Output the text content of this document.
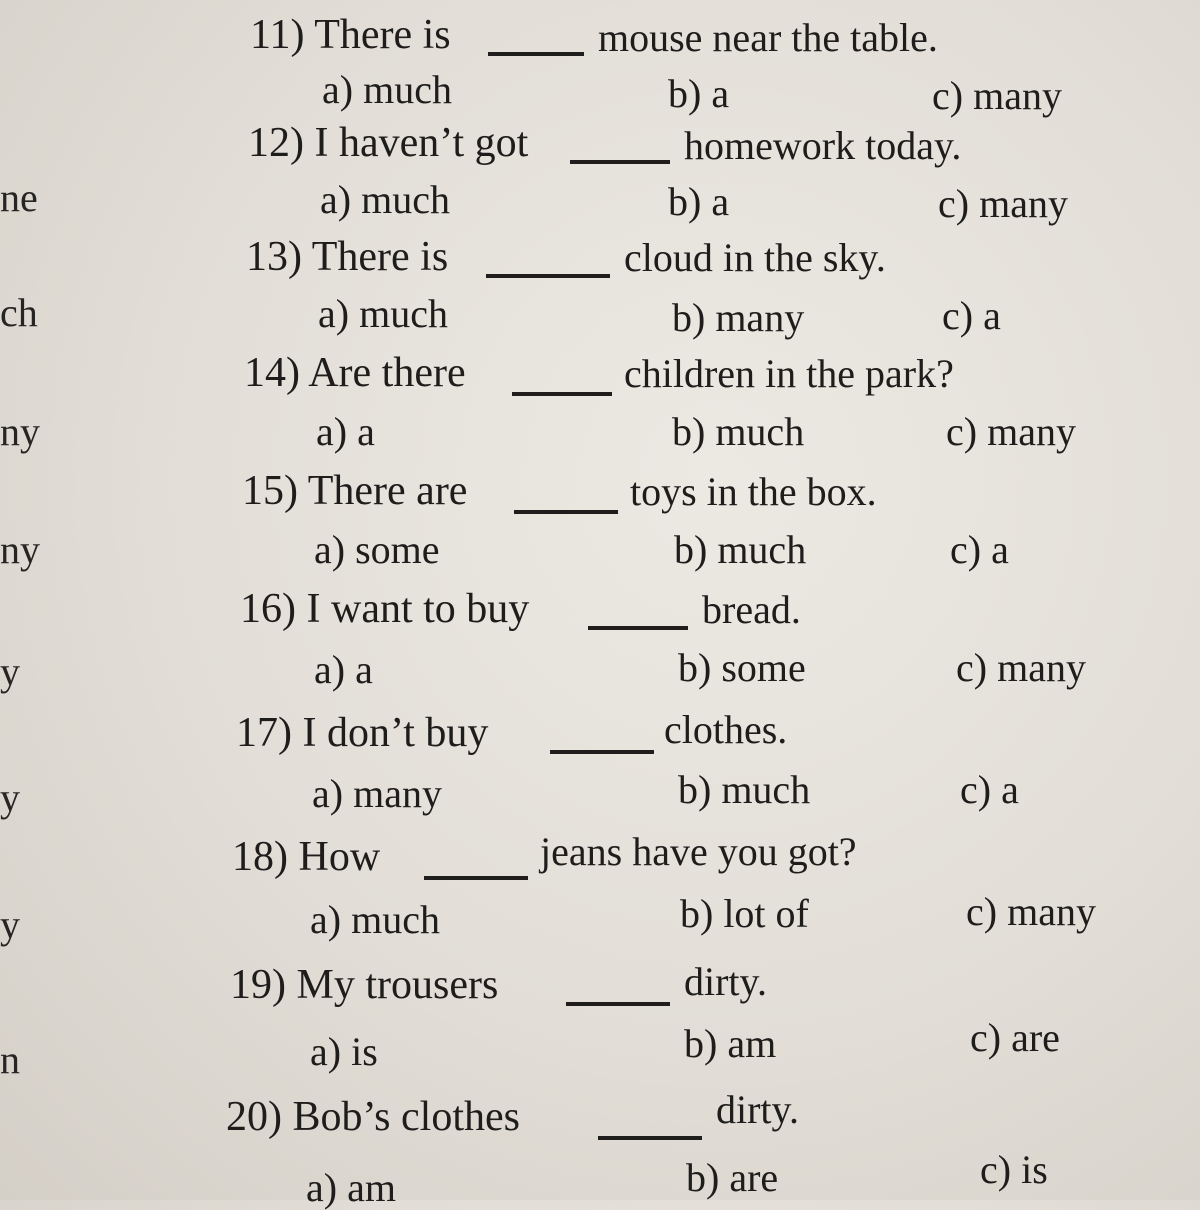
ne
ch
ny
ny
y
y
y
n
11) There is	mouse near the table.
a) much	b) a	c) many
12) I haven’t got	homework today.
a) much	b) a	c) many
13) There is	cloud in the sky.
a) much	b) many	c) a
14) Are there	children in the park?
a) a	b) much	c) many
15) There are	toys in the box.
a) some	b) much	c) a
16) I want to buy	bread.
a) a	b) some	c) many
17) I don’t buy	clothes.
a) many	b) much	c) a
18) How	jeans have you got?
a) much	b) lot of	c) many
19) My trousers	dirty.
a) is	b) am	c) are
20) Bob’s clothes	dirty.
a) am	b) are	c) is
